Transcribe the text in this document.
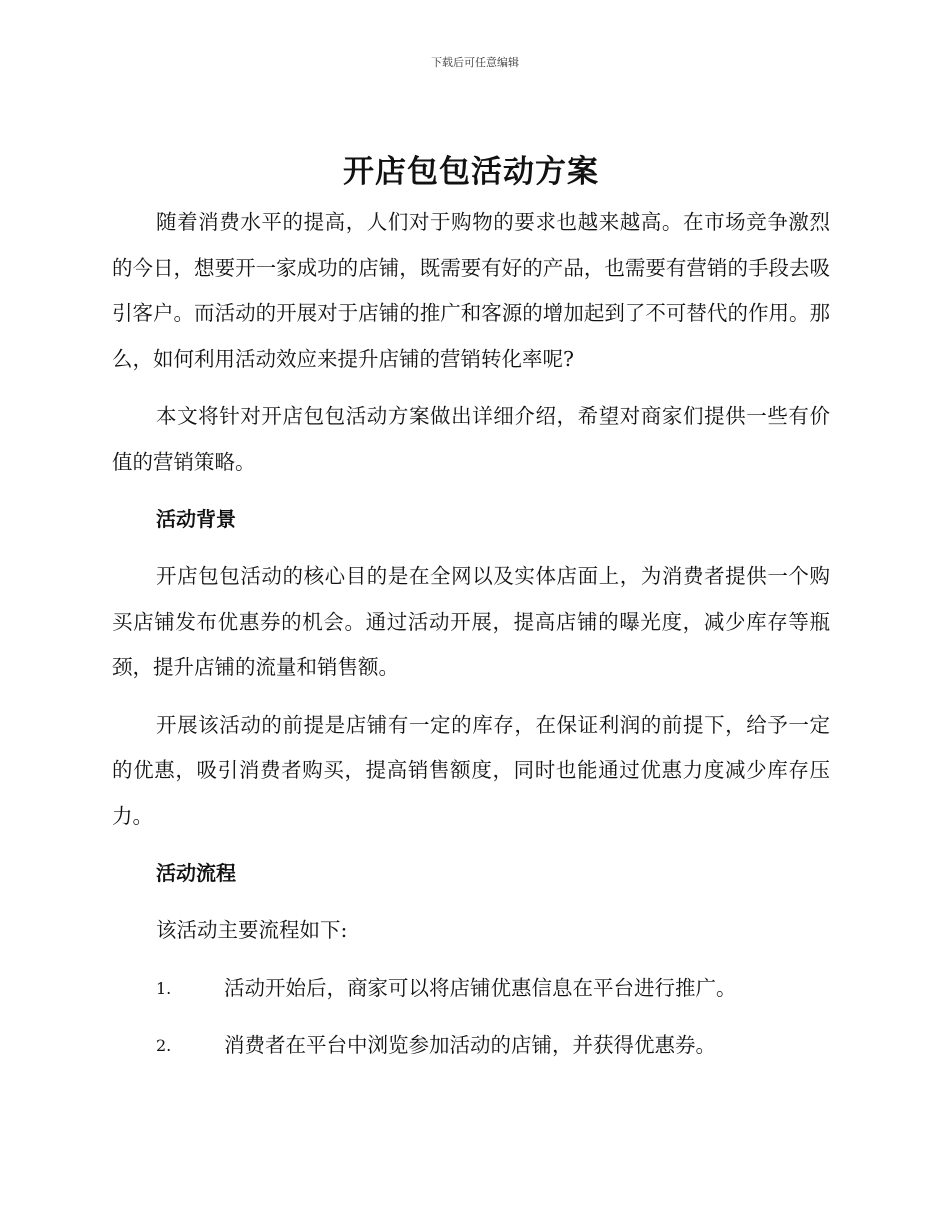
下载后可任意编辑
开店包包活动方案

随着消费水平的提高，人们对于购物的要求也越来越高。在市场竞争激烈的今日，想要开一家成功的店铺，既需要有好的产品，也需要有营销的手段去吸引客户。而活动的开展对于店铺的推广和客源的增加起到了不可替代的作用。那么，如何利用活动效应来提升店铺的营销转化率呢?

本文将针对开店包包活动方案做出详细介绍，希望对商家们提供一些有价值的营销策略。

活动背景

开店包包活动的核心目的是在全网以及实体店面上，为消费者提供一个购买店铺发布优惠券的机会。通过活动开展，提高店铺的曝光度，减少库存等瓶颈，提升店铺的流量和销售额。

开展该活动的前提是店铺有一定的库存，在保证利润的前提下，给予一定的优惠，吸引消费者购买，提高销售额度，同时也能通过优惠力度减少库存压力。

活动流程

该活动主要流程如下:

1.	活动开始后，商家可以将店铺优惠信息在平台进行推广。
2.	消费者在平台中浏览参加活动的店铺，并获得优惠券。
